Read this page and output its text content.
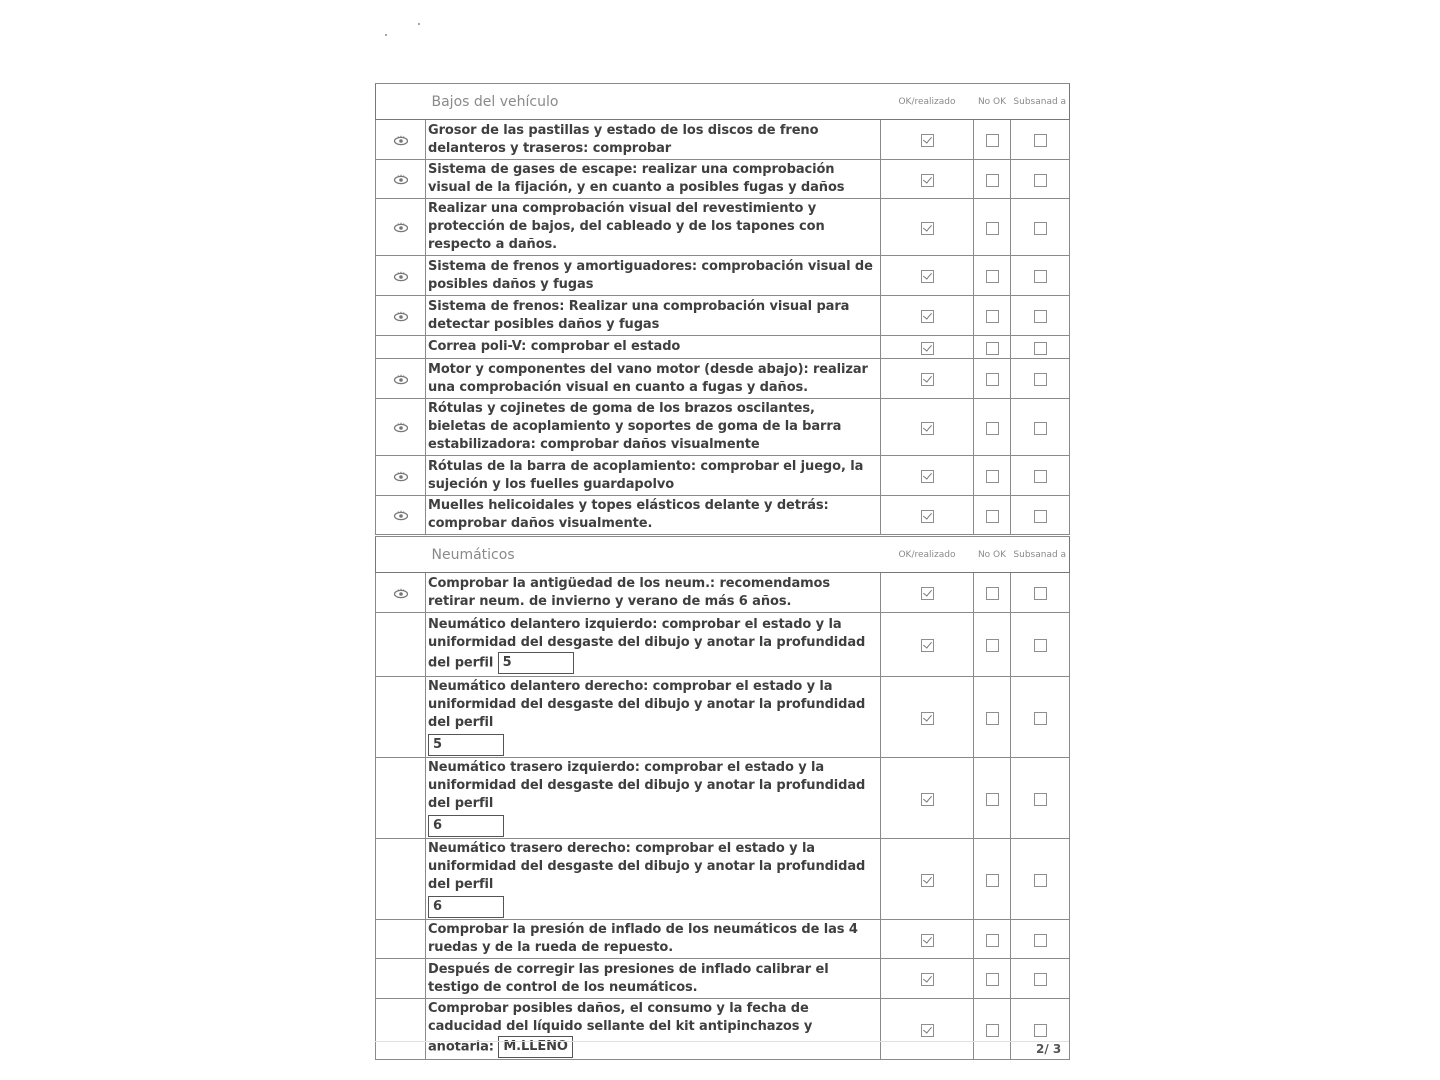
	Bajos del vehículo	OK/realizado	No OK	Subsanad a
	Grosor de las pastillas y estado de los discos de freno delanteros y traseros: comprobar			
	Sistema de gases de escape: realizar una comprobación visual de la fijación, y en cuanto a posibles fugas y daños			
	Realizar una comprobación visual del revestimiento y protección de bajos, del cableado y de los tapones con respecto a daños.			
	Sistema de frenos y amortiguadores: comprobación visual de posibles daños y fugas			
	Sistema de frenos: Realizar una comprobación visual para detectar posibles daños y fugas			
	Correa poli-V: comprobar el estado			
	Motor y componentes del vano motor (desde abajo): realizar una comprobación visual en cuanto a fugas y daños.			
	Rótulas y cojinetes de goma de los brazos oscilantes, bieletas de acoplamiento y soportes de goma de la barra estabilizadora: comprobar daños visualmente			
	Rótulas de la barra de acoplamiento: comprobar el juego, la sujeción y los fuelles guardapolvo			
	Muelles helicoidales y topes elásticos delante y detrás: comprobar daños visualmente.			
	Neumáticos	OK/realizado	No OK	Subsanad a
	Comprobar la antigüedad de los neum.: recomendamos retirar neum. de invierno y verano de más 6 años.			
	Neumático delantero izquierdo: comprobar el estado y la uniformidad del desgaste del dibujo y anotar la profundidad del perfil 5			
	Neumático delantero derecho: comprobar el estado y la uniformidad del desgaste del dibujo y anotar la profundidad del perfil
5			
	Neumático trasero izquierdo: comprobar el estado y la uniformidad del desgaste del dibujo y anotar la profundidad del perfil
6			
	Neumático trasero derecho: comprobar el estado y la uniformidad del desgaste del dibujo y anotar la profundidad del perfil
6			
	Comprobar la presión de inflado de los neumáticos de las 4 ruedas y de la rueda de repuesto.			
	Después de corregir las presiones de inflado calibrar el testigo de control de los neumáticos.			
	Comprobar posibles daños, el consumo y la fecha de caducidad del líquido sellante del kit antipinchazos y anotarla: M.LLENO				2/ 3
